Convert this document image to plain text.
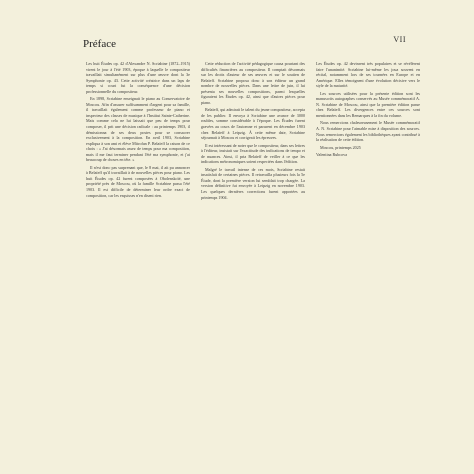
VII
Préface

Les huit Études op. 42 d'Alexandre N. Scriabine (1872–1915) virent le jour à l'été 1903, époque à laquelle le compositeur travaillait simultanément sur plus d'une œuvre dont la 3e Symphonie op. 43. Cette activité créatrice dans un laps de temps si court fut la conséquence d'une décision professionnelle du compositeur.

En 1898, Scriabine enseignait le piano au Conservatoire de Moscou. Afin d'assurer suffisamment d'argent pour sa famille, il travaillait également comme professeur de piano et inspecteur des classes de musique à l'Institut Sainte-Catherine. Mais comme cela ne lui laissait que peu de temps pour composer, il prit une décision radicale : au printemps 1903, il démissionna de ses deux postes pour se consacrer exclusivement à la composition. En avril 1903, Scriabine expliqua à son ami et élève Mitrofan P. Belaïeff la raison de ce choix : « J'ai désormais assez de temps pour ma composition, mais il me faut terminer pendant l'été ma symphonie, et j'ai beaucoup de choses en tête. »

Il n'est donc pas surprenant que, le 8 mai, il ait pu annoncer à Belaïeff qu'il travaillait à de nouvelles pièces pour piano. Les huit Études op. 42 furent composées à Obolenskoïé, une propriété près de Moscou, où la famille Scriabine passa l'été 1903. Il est difficile de déterminer leur ordre exact de composition, car les esquisses n'en disent rien.

Cette réduction de l'activité pédagogique causa pourtant des difficultés financières au compositeur. Il comptait désormais sur les droits d'auteur de ses œuvres et sur le soutien de Belaïeff. Scriabine proposa donc à son éditeur un grand nombre de nouvelles pièces. Dans une lettre de juin, il lui présenta ses nouvelles compositions, parmi lesquelles figuraient les Études op. 42, ainsi que d'autres pièces pour piano.

Belaïeff, qui admirait le talent du jeune compositeur, accepta de les publier. Il envoya à Scriabine une avance de 3000 roubles, somme considérable à l'époque. Les Études furent gravées au cours de l'automne et parurent en décembre 1903 chez Belaïeff à Leipzig. À cette même date, Scriabine séjournait à Moscou et corrigeait les épreuves.

Il est intéressant de noter que le compositeur, dans ses lettres à l'éditeur, insistait sur l'exactitude des indications de tempo et de nuances. Ainsi, il pria Belaïeff de veiller à ce que les indications métronomiques soient respectées dans l'édition.

Malgré le travail intense de ces mois, Scriabine restait insatisfait de certaines pièces. Il retravailla plusieurs fois la 5e Étude, dont la première version lui semblait trop chargée. La version définitive fut envoyée à Leipzig en novembre 1903. Les quelques dernières corrections furent apportées au printemps 1904.

Les Études op. 42 devinrent très populaires et se révélèrent faire l'unanimité. Scriabine lui-même les joua souvent en récital, notamment lors de ses tournées en Europe et en Amérique. Elles témoignent d'une évolution décisive vers le style de la maturité.

Les sources utilisées pour la présente édition sont les manuscrits autographes conservés au Musée commémoratif A. N. Scriabine de Moscou, ainsi que la première édition parue chez Belaïeff. Les divergences entre ces sources sont mentionnées dans les Remarques à la fin du volume.

Nous remercions chaleureusement le Musée commémoratif A. N. Scriabine pour l'aimable mise à disposition des sources. Nous remercions également les bibliothèques ayant contribué à la réalisation de cette édition.

Moscou, printemps 2025

Valentina Rubcova
